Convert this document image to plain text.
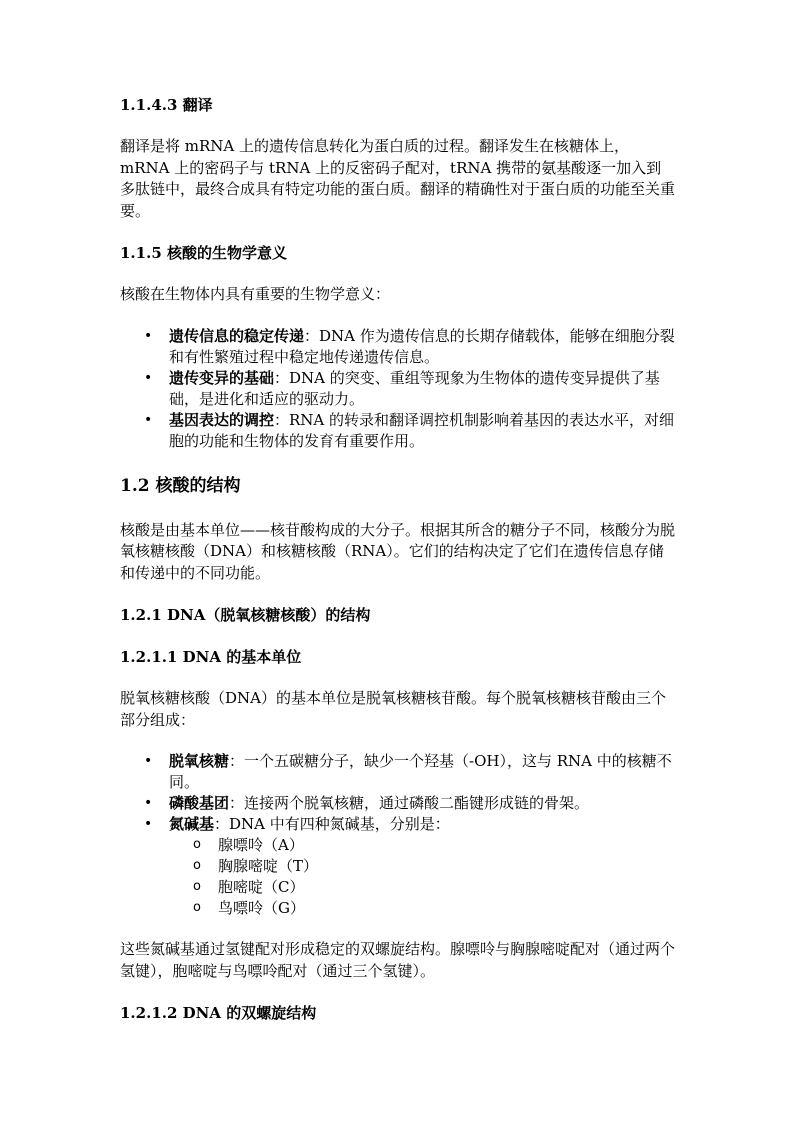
1.1.4.3 翻译

翻译是将 mRNA 上的遗传信息转化为蛋白质的过程。翻译发生在核糖体上，mRNA 上的密码子与 tRNA 上的反密码子配对，tRNA 携带的氨基酸逐一加入到多肽链中，最终合成具有特定功能的蛋白质。翻译的精确性对于蛋白质的功能至关重要。

1.1.5 核酸的生物学意义

核酸在生物体内具有重要的生物学意义：

• 遗传信息的稳定传递：DNA 作为遗传信息的长期存储载体，能够在细胞分裂和有性繁殖过程中稳定地传递遗传信息。
• 遗传变异的基础：DNA 的突变、重组等现象为生物体的遗传变异提供了基础，是进化和适应的驱动力。
• 基因表达的调控：RNA 的转录和翻译调控机制影响着基因的表达水平，对细胞的功能和生物体的发育有重要作用。
1.2 核酸的结构

核酸是由基本单位——核苷酸构成的大分子。根据其所含的糖分子不同，核酸分为脱氧核糖核酸（DNA）和核糖核酸（RNA）。它们的结构决定了它们在遗传信息存储和传递中的不同功能。

1.2.1 DNA（脱氧核糖核酸）的结构
1.2.1.1 DNA 的基本单位

脱氧核糖核酸（DNA）的基本单位是脱氧核糖核苷酸。每个脱氧核糖核苷酸由三个部分组成：

• 脱氧核糖：一个五碳糖分子，缺少一个羟基（-OH），这与 RNA 中的核糖不同。
• 磷酸基团：连接两个脱氧核糖，通过磷酸二酯键形成链的骨架。
• 氮碱基：DNA 中有四种氮碱基，分别是：
o 腺嘌呤（A）
o 胸腺嘧啶（T）
o 胞嘧啶（C）
o 鸟嘌呤（G）

这些氮碱基通过氢键配对形成稳定的双螺旋结构。腺嘌呤与胸腺嘧啶配对（通过两个氢键），胞嘧啶与鸟嘌呤配对（通过三个氢键）。

1.2.1.2 DNA 的双螺旋结构
